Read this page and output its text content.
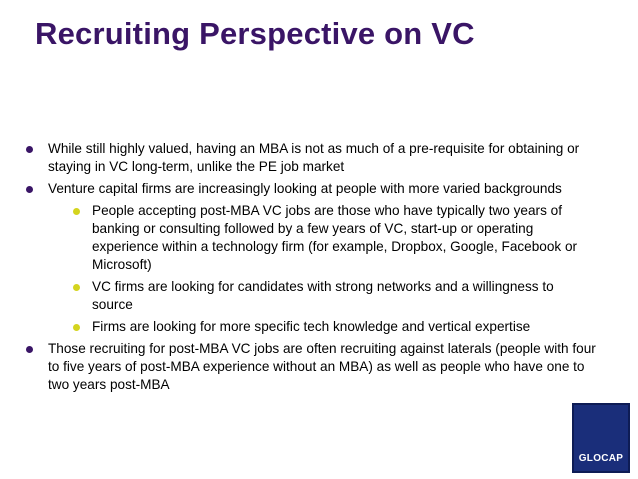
Recruiting Perspective on VC
While still highly valued, having an MBA is not as much of a pre-requisite for obtaining or staying in VC long-term, unlike the PE job market
Venture capital firms are increasingly looking at people with more varied backgrounds
People accepting post-MBA VC jobs are those who have typically two years of banking or consulting followed by a few years of VC, start-up or operating experience within a technology firm (for example, Dropbox, Google, Facebook or Microsoft)
VC firms are looking for candidates with strong networks and a willingness to source
Firms are looking for more specific tech knowledge and vertical expertise
Those recruiting for post-MBA VC jobs are often recruiting against laterals (people with four to five years of post-MBA experience without an MBA) as well as people who have one to two years post-MBA
GLOCAP
